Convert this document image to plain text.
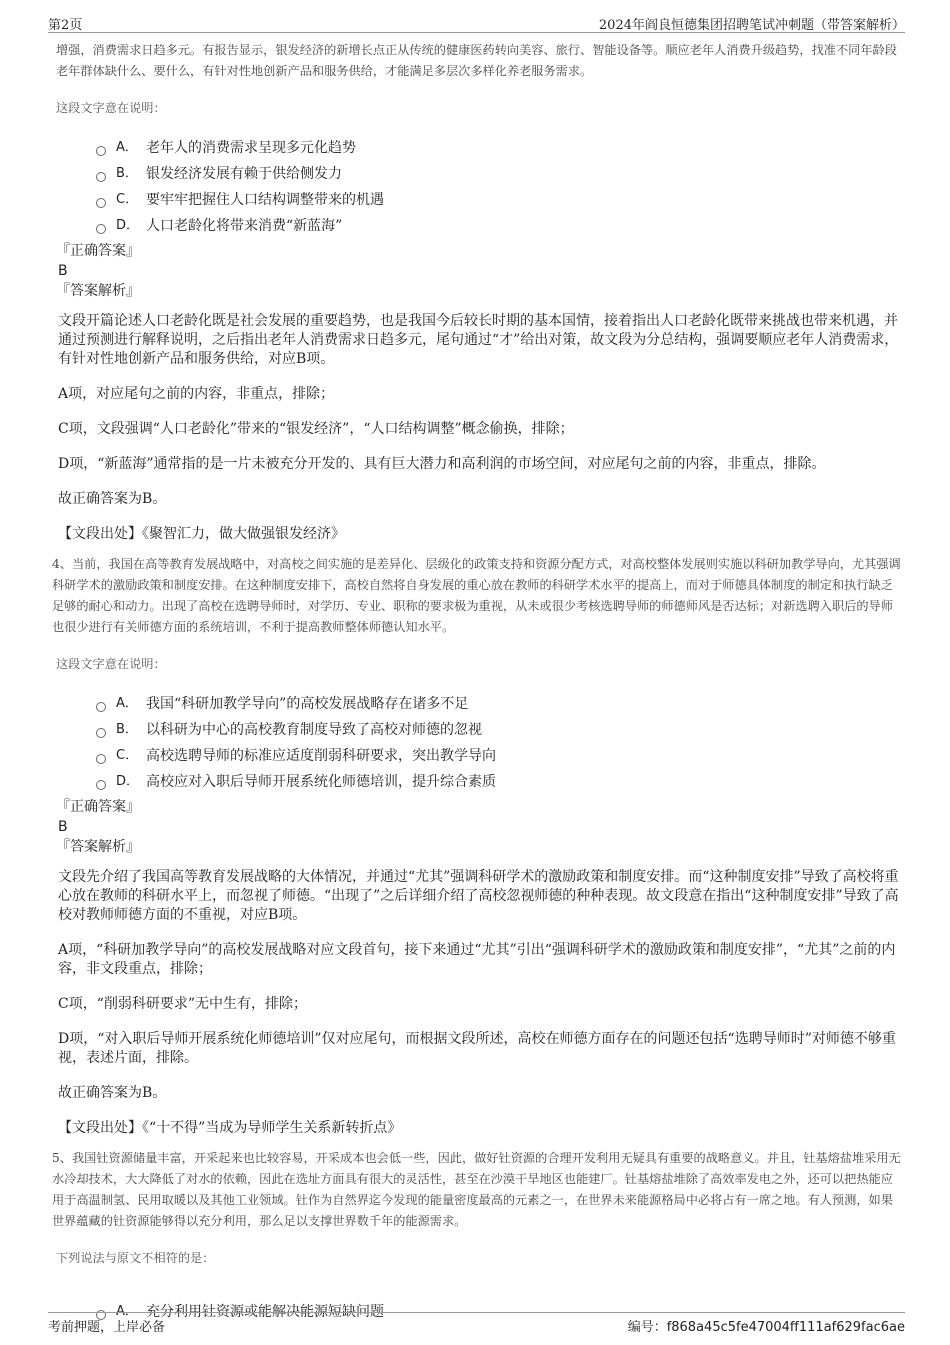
第2页	2024年阎良恒德集团招聘笔试冲刺题（带答案解析）

增强，消费需求日趋多元。有报告显示，银发经济的新增长点正从传统的健康医药转向美容、旅行、智能设备等。顺应老年人消费升级趋势，找准不同年龄段老年群体缺什么、要什么，有针对性地创新产品和服务供给，才能满足多层次多样化养老服务需求。

这段文字意在说明：

A． 老年人的消费需求呈现多元化趋势
B． 银发经济发展有赖于供给侧发力
C． 要牢牢把握住人口结构调整带来的机遇
D． 人口老龄化将带来消费“新蓝海”

『正确答案』

B

『答案解析』

文段开篇论述人口老龄化既是社会发展的重要趋势，也是我国今后较长时期的基本国情，接着指出人口老龄化既带来挑战也带来机遇，并通过预测进行解释说明，之后指出老年人消费需求日趋多元，尾句通过“才”给出对策，故文段为分总结构，强调要顺应老年人消费需求，有针对性地创新产品和服务供给，对应B项。

A项，对应尾句之前的内容，非重点，排除；

C项，文段强调“人口老龄化”带来的“银发经济”，“人口结构调整”概念偷换，排除；

D项，“新蓝海”通常指的是一片未被充分开发的、具有巨大潜力和高利润的市场空间，对应尾句之前的内容，非重点，排除。

故正确答案为B。

【文段出处】《聚智汇力，做大做强银发经济》

4、当前，我国在高等教育发展战略中，对高校之间实施的是差异化、层级化的政策支持和资源分配方式，对高校整体发展则实施以科研加教学导向，尤其强调科研学术的激励政策和制度安排。在这种制度安排下，高校自然将自身发展的重心放在教师的科研学术水平的提高上，而对于师德具体制度的制定和执行缺乏足够的耐心和动力。出现了高校在选聘导师时，对学历、专业、职称的要求极为重视，从未或很少考核选聘导师的师德师风是否达标；对新选聘入职后的导师也很少进行有关师德方面的系统培训，不利于提高教师整体师德认知水平。

这段文字意在说明：

A． 我国“科研加教学导向”的高校发展战略存在诸多不足
B． 以科研为中心的高校教育制度导致了高校对师德的忽视
C． 高校选聘导师的标准应适度削弱科研要求，突出教学导向
D． 高校应对入职后导师开展系统化师德培训，提升综合素质

『正确答案』

B

『答案解析』

文段先介绍了我国高等教育发展战略的大体情况，并通过“尤其”强调科研学术的激励政策和制度安排。而“这种制度安排”导致了高校将重心放在教师的科研水平上，而忽视了师德。“出现了”之后详细介绍了高校忽视师德的种种表现。故文段意在指出“这种制度安排”导致了高校对教师师德方面的不重视，对应B项。

A项，“科研加教学导向”的高校发展战略对应文段首句，接下来通过“尤其”引出“强调科研学术的激励政策和制度安排”，“尤其”之前的内容，非文段重点，排除；

C项，“削弱科研要求”无中生有，排除；

D项，“对入职后导师开展系统化师德培训”仅对应尾句，而根据文段所述，高校在师德方面存在的问题还包括“选聘导师时”对师德不够重视，表述片面，排除。

故正确答案为B。

【文段出处】《“十不得”当成为导师学生关系新转折点》

5、我国钍资源储量丰富，开采起来也比较容易，开采成本也会低一些，因此，做好钍资源的合理开发利用无疑具有重要的战略意义。并且，钍基熔盐堆采用无水冷却技术，大大降低了对水的依赖，因此在选址方面具有很大的灵活性，甚至在沙漠干旱地区也能建厂。钍基熔盐堆除了高效率发电之外，还可以把热能应用于高温制氢、民用取暖以及其他工业领域。钍作为自然界迄今发现的能量密度最高的元素之一，在世界未来能源格局中必将占有一席之地。有人预测，如果世界蕴藏的钍资源能够得以充分利用，那么足以支撑世界数千年的能源需求。

下列说法与原文不相符的是：

A． 充分利用钍资源或能解决能源短缺问题
考前押题，上岸必备	编号：f868a45c5fe47004ff111af629fac6ae
